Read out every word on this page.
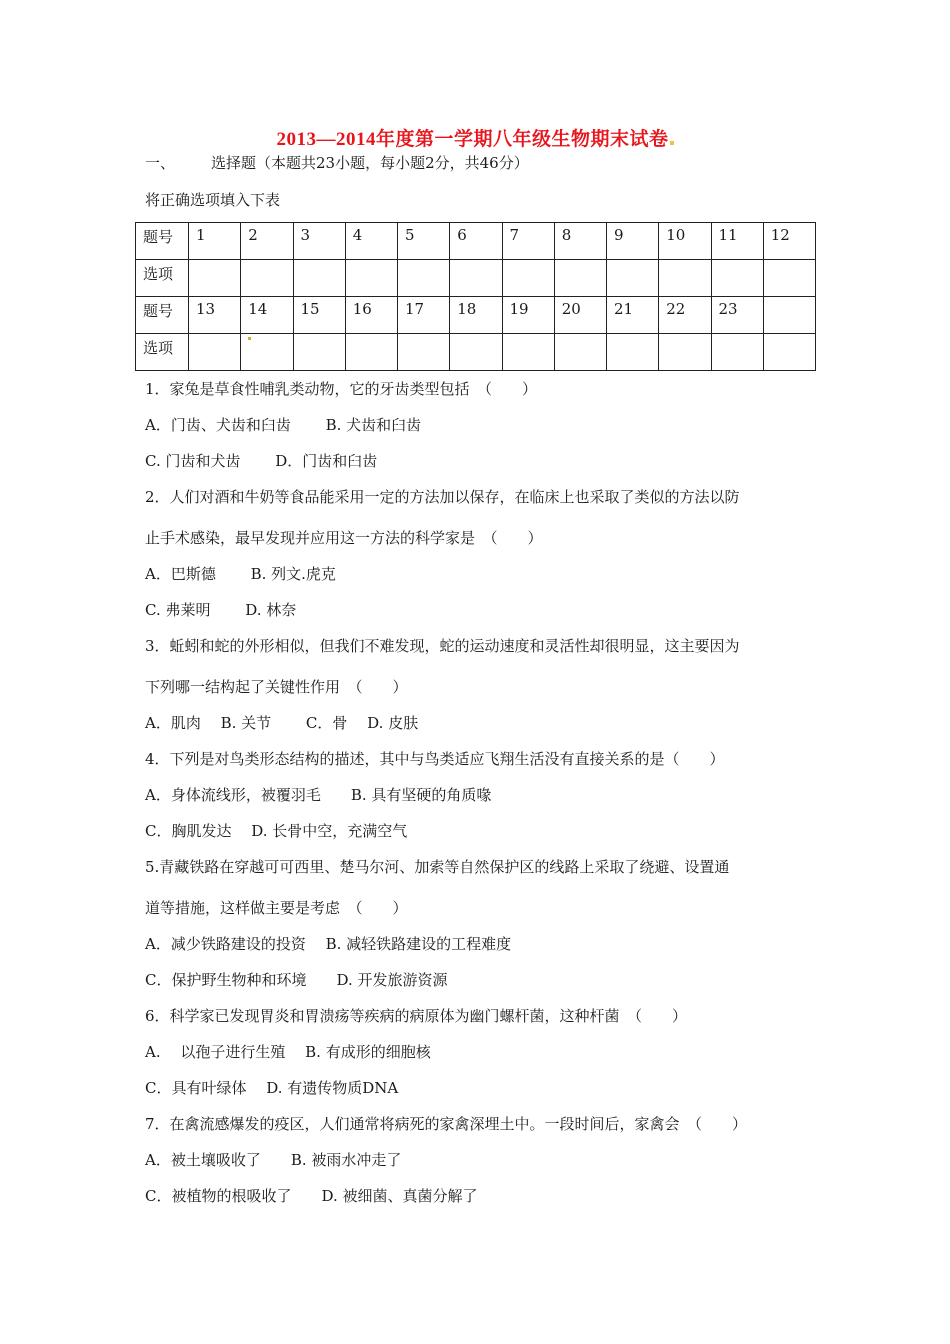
2013—2014年度第一学期八年级生物期末试卷
一、 选择题（本题共23小题，每小题2分，共46分）
将正确选项填入下表
题号	1	2	3	4	5	6	7	8	9	10	11	12
选项												
题号	13	14	15	16	17	18	19	20	21	22	23	
选项												
1．家兔是草食性哺乳类动物，它的牙齿类型包括　（　　）
A．门齿、犬齿和臼齿　　 B. 犬齿和臼齿
C. 门齿和犬齿　　 D．门齿和臼齿
2．人们对酒和牛奶等食品能采用一定的方法加以保存，在临床上也采取了类似的方法以防
止手术感染，最早发现并应用这一方法的科学家是　（　　）
A．巴斯德　　 B. 列文.虎克
C. 弗莱明　　 D. 林奈
3．蚯蚓和蛇的外形相似，但我们不难发现，蛇的运动速度和灵活性却很明显，这主要因为
下列哪一结构起了关键性作用　（　　）
A．肌肉　 B. 关节　　 C．骨　 D. 皮肤
4．下列是对鸟类形态结构的描述，其中与鸟类适应飞翔生活没有直接关系的是（　　）
A．身体流线形，被覆羽毛　　B. 具有坚硬的角质喙
C．胸肌发达　 D. 长骨中空，充满空气
5.青藏铁路在穿越可可西里、楚马尔河、加索等自然保护区的线路上采取了绕避、设置通
道等措施，这样做主要是考虑　（　　）
A．减少铁路建设的投资　 B. 减轻铁路建设的工程难度
C．保护野生物种和环境　　D. 开发旅游资源
6．科学家已发现胃炎和胃溃疡等疾病的病原体为幽门螺杆菌，这种杆菌　（　　）
A.　 以孢子进行生殖　 B. 有成形的细胞核
C．具有叶绿体　 D. 有遗传物质DNA
7．在禽流感爆发的疫区，人们通常将病死的家禽深埋土中。一段时间后，家禽会　（　　）
A．被土壤吸收了　　B. 被雨水冲走了
C．被植物的根吸收了　　D. 被细菌、真菌分解了
